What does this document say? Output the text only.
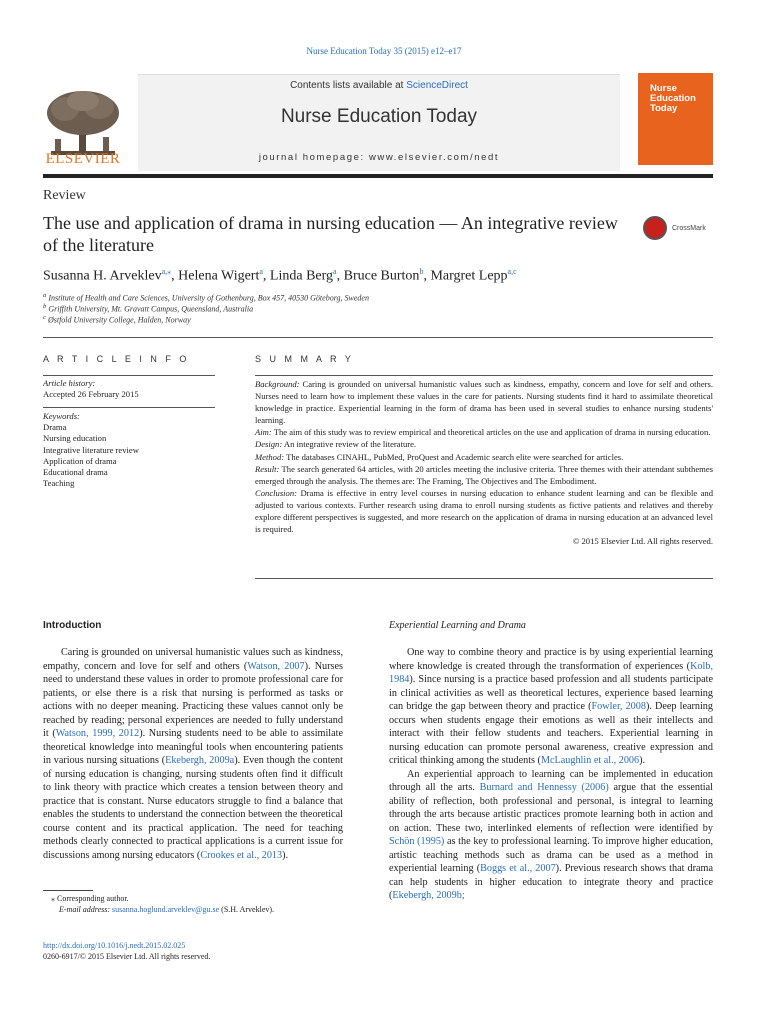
Nurse Education Today 35 (2015) e12–e17
ELSEVIER
Contents lists available at ScienceDirect
Nurse Education Today
journal homepage: www.elsevier.com/nedt
Nurse Education Today
Review
The use and application of drama in nursing education — An integrative review of the literature
CrossMark
Susanna H. Arveklev$^{a,⁎}$, Helena Wigert$^a$, Linda Berg$^a$, Bruce Burton$^b$, Margret Lepp$^{a,c}$
$^a$ Institute of Health and Care Sciences, University of Gothenburg, Box 457, 40530 Göteborg, Sweden
$^b$ Griffith University, Mt. Gravatt Campus, Queensland, Australia
$^c$ Østfold University College, Halden, Norway
A R T I C L E I N F O
Article history:
Accepted 26 February 2015
Keywords:
Drama
Nursing education
Integrative literature review
Application of drama
Educational drama
Teaching
S U M M A R Y

Background: Caring is grounded on universal humanistic values such as kindness, empathy, concern and love for self and others. Nurses need to learn how to implement these values in the care for patients. Nursing students find it hard to assimilate theoretical knowledge in practice. Experiential learning in the form of drama has been used in several studies to enhance nursing students' learning.

Aim: The aim of this study was to review empirical and theoretical articles on the use and application of drama in nursing education.

Design: An integrative review of the literature.

Method: The databases CINAHL, PubMed, ProQuest and Academic search elite were searched for articles.

Result: The search generated 64 articles, with 20 articles meeting the inclusive criteria. Three themes with their attendant subthemes emerged through the analysis. The themes are: The Framing, The Objectives and The Embodiment.

Conclusion: Drama is effective in entry level courses in nursing education to enhance student learning and can be flexible and adjusted to various contexts. Further research using drama to enroll nursing students as fictive patients and relatives and thereby explore different perspectives is suggested, and more research on the application of drama in nursing education at an advanced level is required.

© 2015 Elsevier Ltd. All rights reserved.

Introduction

Caring is grounded on universal humanistic values such as kindness, empathy, concern and love for self and others (Watson, 2007). Nurses need to understand these values in order to promote professional care for patients, or else there is a risk that nursing is performed as tasks or actions with no deeper meaning. Practicing these values cannot only be reached by reading; personal experiences are needed to fully understand it (Watson, 1999, 2012). Nursing students need to be able to assimilate theoretical knowledge into meaningful tools when encountering patients in various nursing situations (Ekebergh, 2009a). Even though the content of nursing education is changing, nursing students often find it difficult to link theory with practice which creates a tension between theory and practice that is constant. Nurse educators struggle to find a balance that enables the students to understand the connection between the theoretical course content and its practical application. The need for teaching methods clearly connected to practical applications is a current issue for discussions among nursing educators (Crookes et al., 2013).

Experiential Learning and Drama

One way to combine theory and practice is by using experiential learning where knowledge is created through the transformation of experiences (Kolb, 1984). Since nursing is a practice based profession and all students participate in clinical activities as well as theoretical lectures, experience based learning can bridge the gap between theory and practice (Fowler, 2008). Deep learning occurs when students engage their emotions as well as their intellects and interact with their fellow students and teachers. Experiential learning in nursing education can promote personal awareness, creative expression and critical thinking among the students (McLaughlin et al., 2006).

An experiential approach to learning can be implemented in education through all the arts. Burnard and Hennessy (2006) argue that the essential ability of reflection, both professional and personal, is integral to learning through the arts because artistic practices promote learning both in action and on action. These two, interlinked elements of reflection were identified by Schön (1995) as the key to professional learning. To improve higher education, artistic teaching methods such as drama can be used as a method in experiential learning (Boggs et al., 2007). Previous research shows that drama can help students in higher education to integrate theory and practice (Ekebergh, 2009b;

⁎ Corresponding author.
E-mail address: susanna.hoglund.arveklev@gu.se (S.H. Arveklev).
http://dx.doi.org/10.1016/j.nedt.2015.02.025
0260-6917/© 2015 Elsevier Ltd. All rights reserved.
